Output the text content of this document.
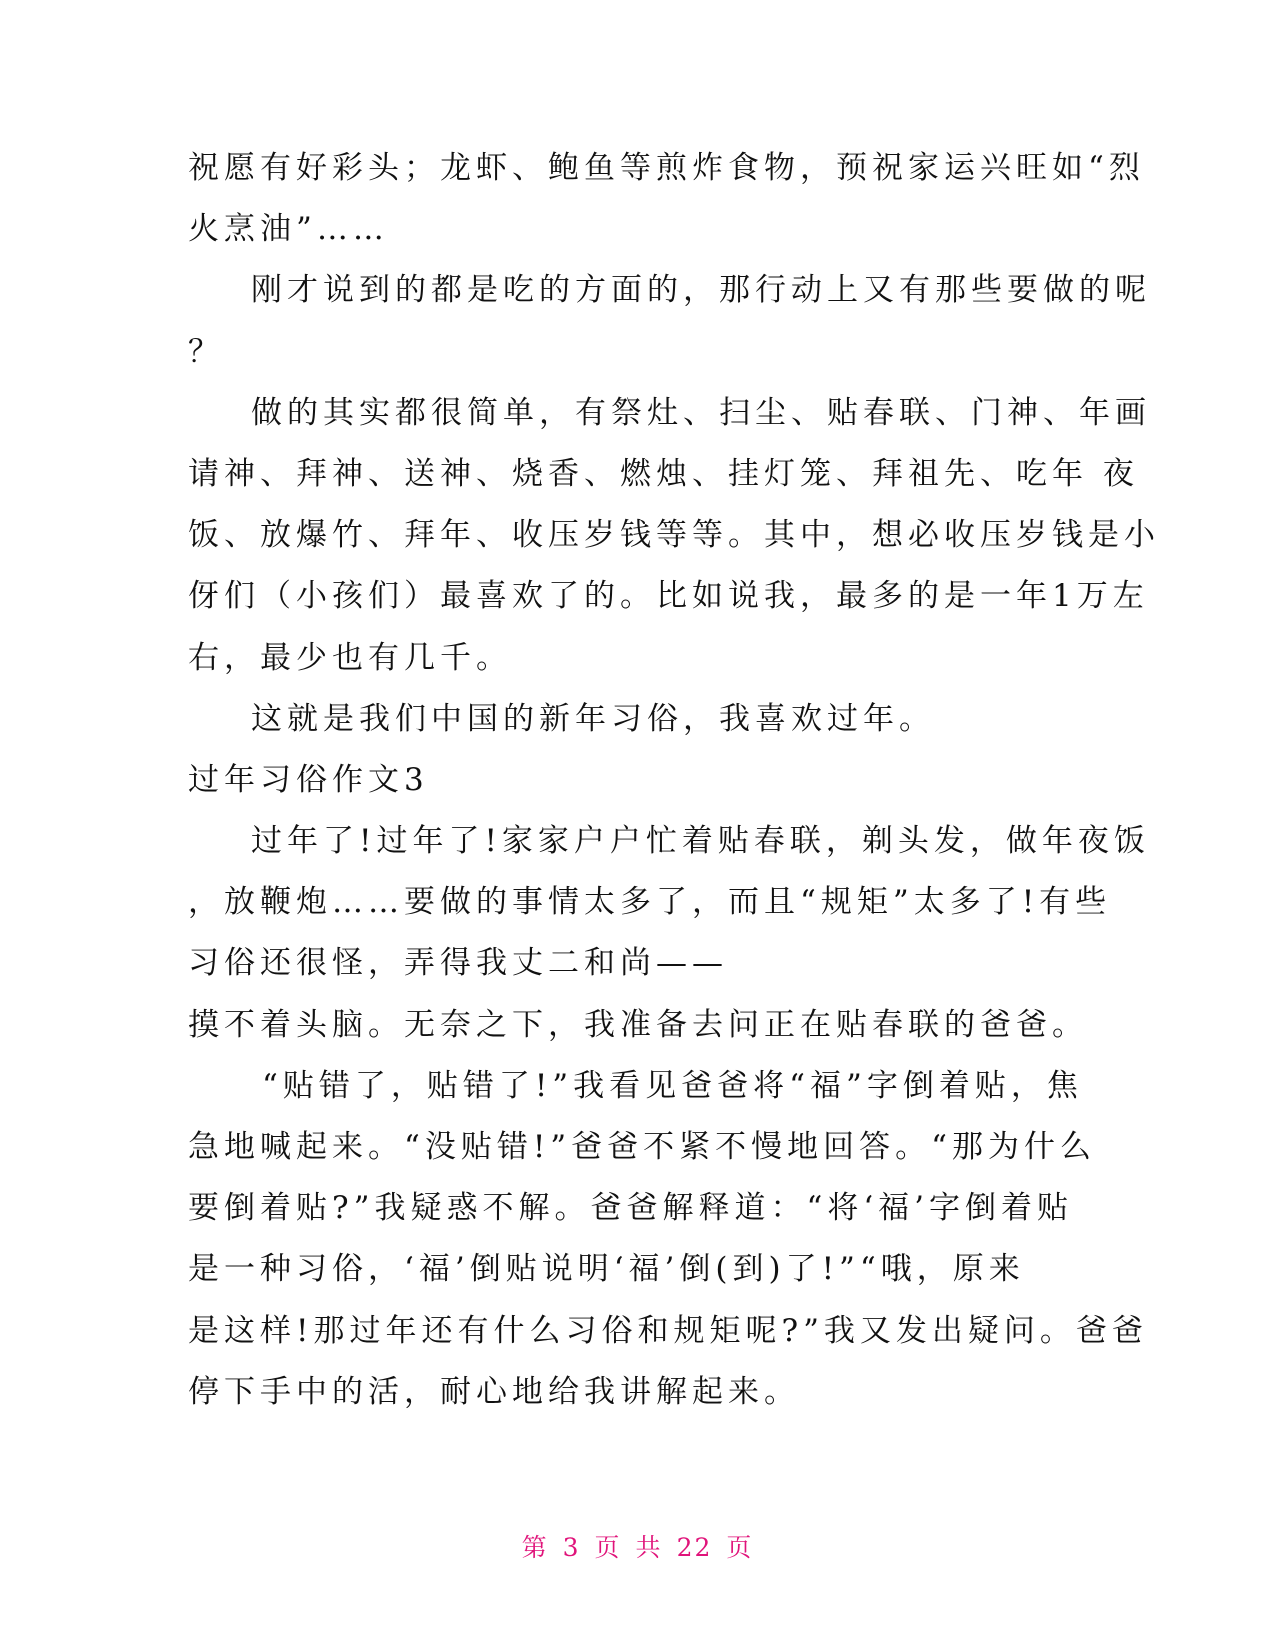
祝愿有好彩头；龙虾、鲍鱼等煎炸食物，预祝家运兴旺如“烈
火烹油”……
刚才说到的都是吃的方面的，那行动上又有那些要做的呢
？
做的其实都很简单，有祭灶、扫尘、贴春联、门神、年画
请神、拜神、送神、烧香、燃烛、挂灯笼、拜祖先、吃年 夜
饭、放爆竹、拜年、收压岁钱等等。其中，想必收压岁钱是小
伢们（小孩们）最喜欢了的。比如说我，最多的是一年1万左
右，最少也有几千。
这就是我们中国的新年习俗，我喜欢过年。
过年习俗作文3
过年了!过年了!家家户户忙着贴春联，剃头发，做年夜饭
，放鞭炮……要做的事情太多了，而且“规矩”太多了!有些
习俗还很怪，弄得我丈二和尚——
摸不着头脑。无奈之下，我准备去问正在贴春联的爸爸。
“贴错了，贴错了!”我看见爸爸将“福”字倒着贴，焦
急地喊起来。“没贴错!”爸爸不紧不慢地回答。“那为什么
要倒着贴?”我疑惑不解。爸爸解释道：“将‘福’字倒着贴
是一种习俗，‘福’倒贴说明‘福’倒(到)了!”“哦，原来
是这样!那过年还有什么习俗和规矩呢?”我又发出疑问。爸爸
停下手中的活，耐心地给我讲解起来。
第 3 页 共 22 页
